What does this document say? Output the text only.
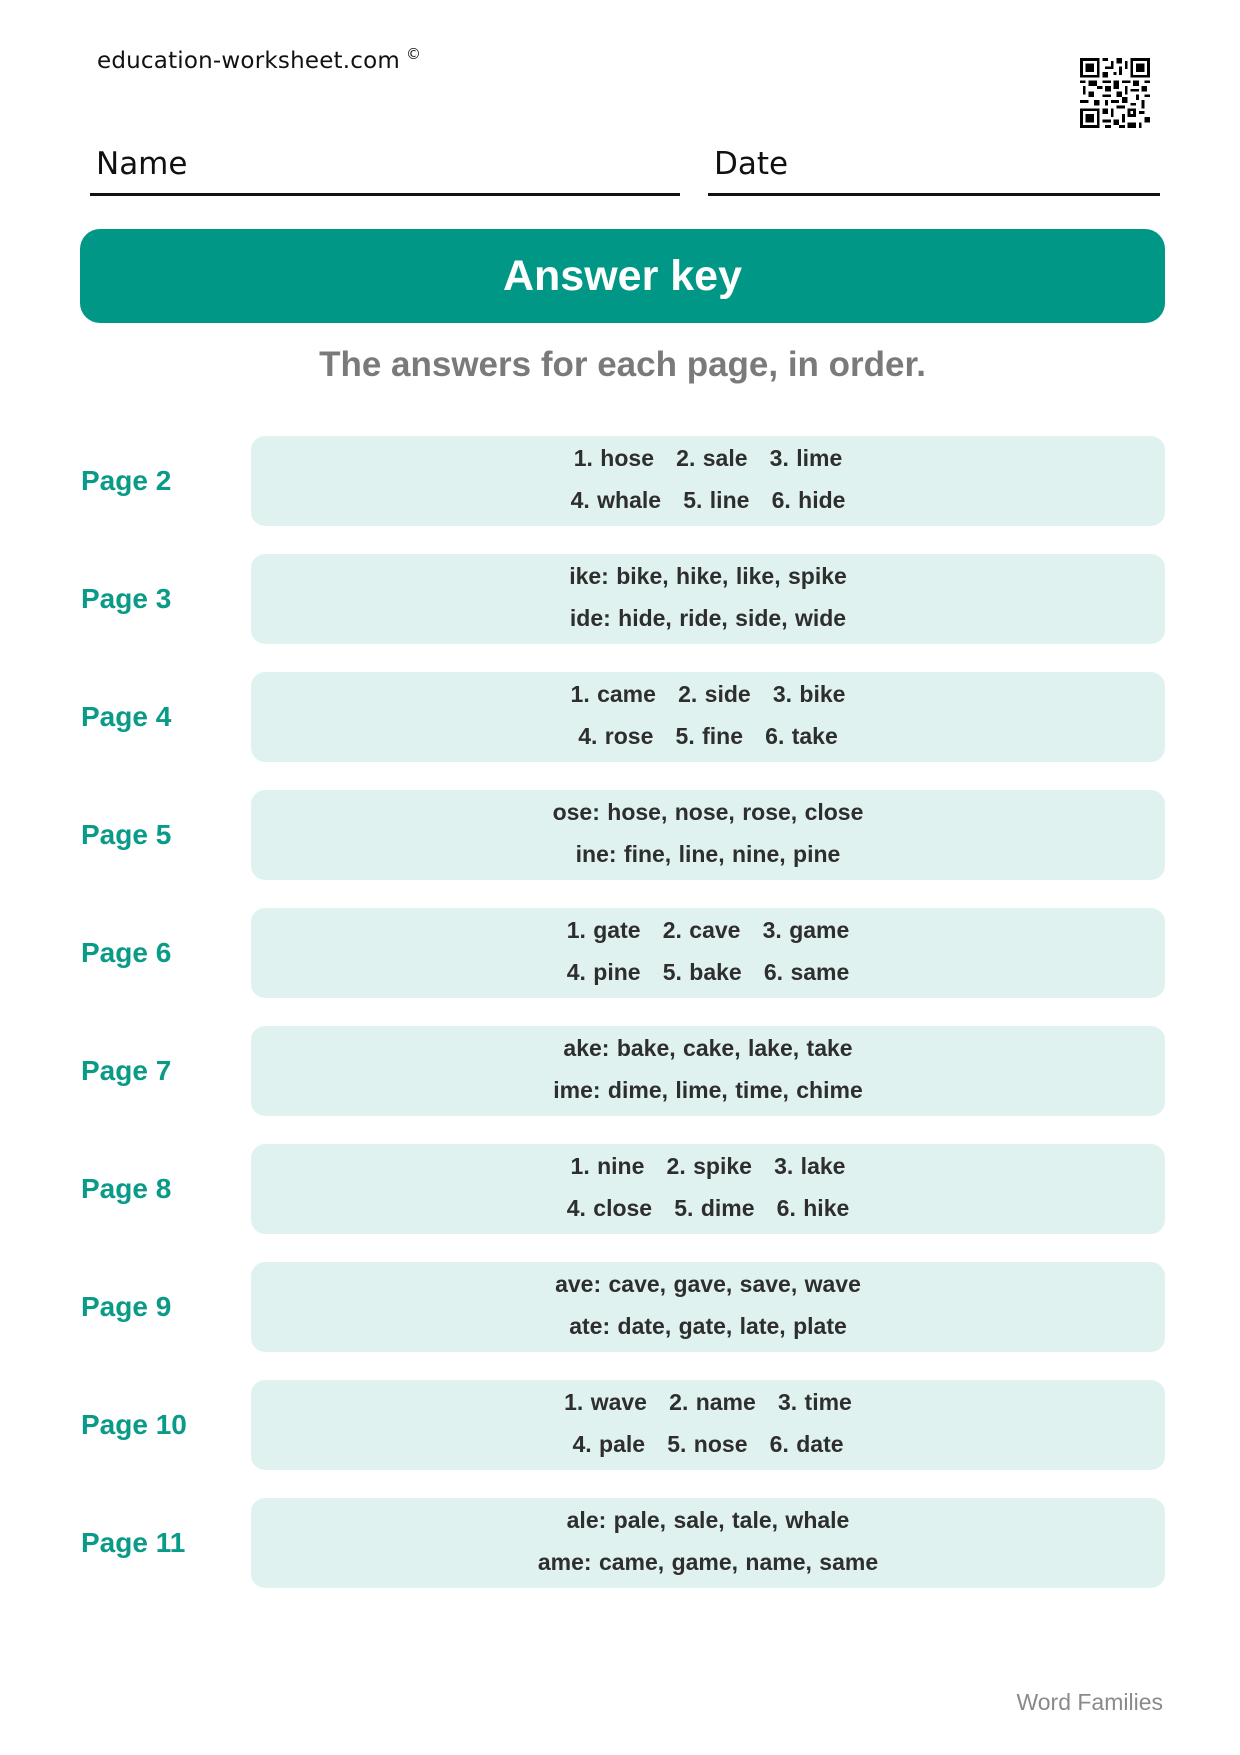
education-worksheet.com ©
Name	Date
Answer key
The answers for each page, in order.
Page 2
1. hose   2. sale   3. lime
4. whale   5. line   6. hide
Page 3
ike: bike, hike, like, spike
ide: hide, ride, side, wide
Page 4
1. came   2. side   3. bike
4. rose   5. fine   6. take
Page 5
ose: hose, nose, rose, close
ine: fine, line, nine, pine
Page 6
1. gate   2. cave   3. game
4. pine   5. bake   6. same
Page 7
ake: bake, cake, lake, take
ime: dime, lime, time, chime
Page 8
1. nine   2. spike   3. lake
4. close   5. dime   6. hike
Page 9
ave: cave, gave, save, wave
ate: date, gate, late, plate
Page 10
1. wave   2. name   3. time
4. pale   5. nose   6. date
Page 11
ale: pale, sale, tale, whale
ame: came, game, name, same
Word Families
